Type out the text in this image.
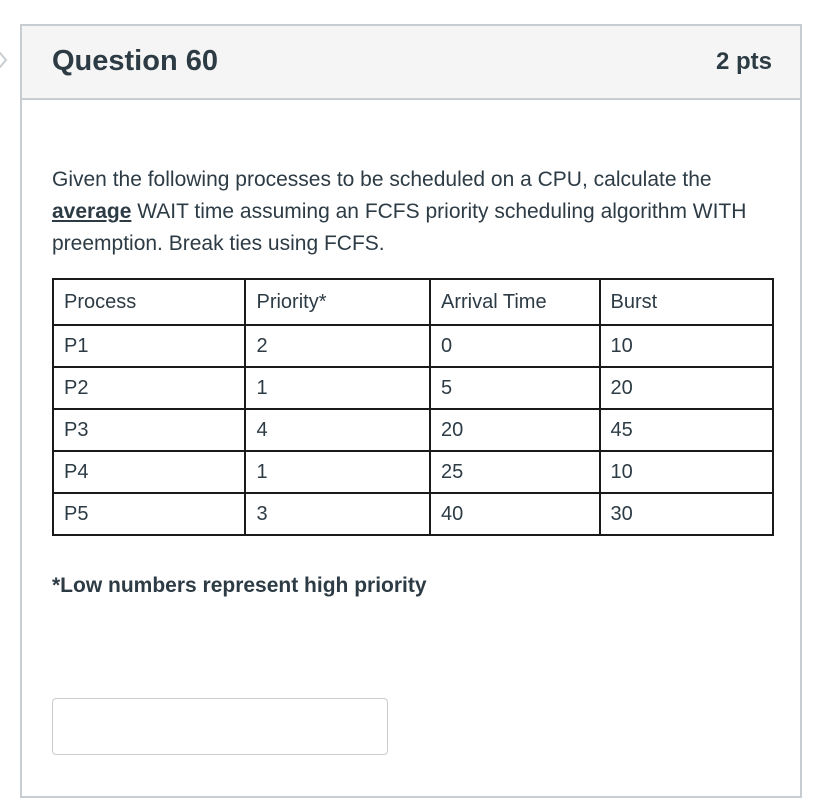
Question 60	2 pts
Given the following processes to be scheduled on a CPU, calculate the average WAIT time assuming an FCFS priority scheduling algorithm WITH preemption. Break ties using FCFS.
Process	Priority*	Arrival Time	Burst
P1	2	0	10
P2	1	5	20
P3	4	20	45
P4	1	25	10
P5	3	40	30
*Low numbers represent high priority
